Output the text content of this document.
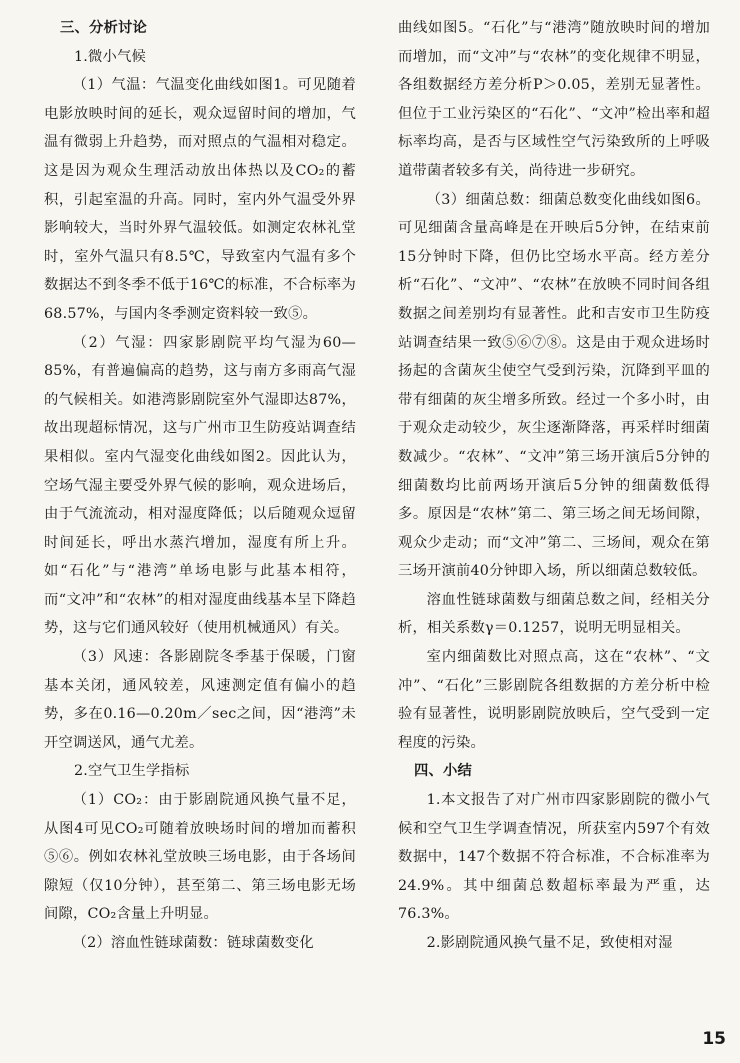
三、分析讨论

1.微小气候

（1）气温：气温变化曲线如图1。可见随着电影放映时间的延长，观众逗留时间的增加，气温有微弱上升趋势，而对照点的气温相对稳定。这是因为观众生理活动放出体热以及CO₂的蓄积，引起室温的升高。同时，室内外气温受外界影响较大，当时外界气温较低。如测定农林礼堂时，室外气温只有8.5℃，导致室内气温有多个数据达不到冬季不低于16℃的标准，不合标率为68.57%，与国内冬季测定资料较一致⑤。

（2）气湿：四家影剧院平均气湿为60—85%，有普遍偏高的趋势，这与南方多雨高气湿的气候相关。如港湾影剧院室外气湿即达87%，故出现超标情况，这与广州市卫生防疫站调查结果相似。室内气湿变化曲线如图2。因此认为，空场气湿主要受外界气候的影响，观众进场后，由于气流流动，相对湿度降低；以后随观众逗留时间延长，呼出水蒸汽增加，湿度有所上升。如“石化”与“港湾”单场电影与此基本相符，而“文冲”和“农林”的相对湿度曲线基本呈下降趋势，这与它们通风较好（使用机械通风）有关。

（3）风速：各影剧院冬季基于保暖，门窗基本关闭，通风较差，风速测定值有偏小的趋势，多在0.16—0.20m／sec之间，因“港湾”未开空调送风，通气尤差。

2.空气卫生学指标

（1）CO₂：由于影剧院通风换气量不足，从图4可见CO₂可随着放映场时间的增加而蓄积⑤⑥。例如农林礼堂放映三场电影，由于各场间隙短（仅10分钟），甚至第二、第三场电影无场间隙，CO₂含量上升明显。

（2）溶血性链球菌数：链球菌数变化

曲线如图5。“石化”与“港湾”随放映时间的增加而增加，而“文冲”与“农林”的变化规律不明显，各组数据经方差分析P＞0.05，差别无显著性。但位于工业污染区的“石化”、“文冲”检出率和超标率均高，是否与区域性空气污染致所的上呼吸道带菌者较多有关，尚待进一步研究。

（3）细菌总数：细菌总数变化曲线如图6。可见细菌含量高峰是在开映后5分钟，在结束前15分钟时下降，但仍比空场水平高。经方差分析“石化”、“文冲”、“农林”在放映不同时间各组数据之间差别均有显著性。此和吉安市卫生防疫站调查结果一致⑤⑥⑦⑧。这是由于观众进场时扬起的含菌灰尘使空气受到污染，沉降到平皿的带有细菌的灰尘增多所致。经过一个多小时，由于观众走动较少，灰尘逐渐降落，再采样时细菌数减少。“农林”、“文冲”第三场开演后5分钟的细菌数均比前两场开演后5分钟的细菌数低得多。原因是“农林”第二、第三场之间无场间隙，观众少走动；而“文冲”第二、三场间，观众在第三场开演前40分钟即入场，所以细菌总数较低。

溶血性链球菌数与细菌总数之间，经相关分析，相关系数γ＝0.1257，说明无明显相关。

室内细菌数比对照点高，这在“农林”、“文冲”、“石化”三影剧院各组数据的方差分析中检验有显著性，说明影剧院放映后，空气受到一定程度的污染。

四、小结

1.本文报告了对广州市四家影剧院的微小气候和空气卫生学调查情况，所获室内597个有效数据中，147个数据不符合标准，不合标准率为24.9%。其中细菌总数超标率最为严重，达76.3%。

2.影剧院通风换气量不足，致使相对湿

15
